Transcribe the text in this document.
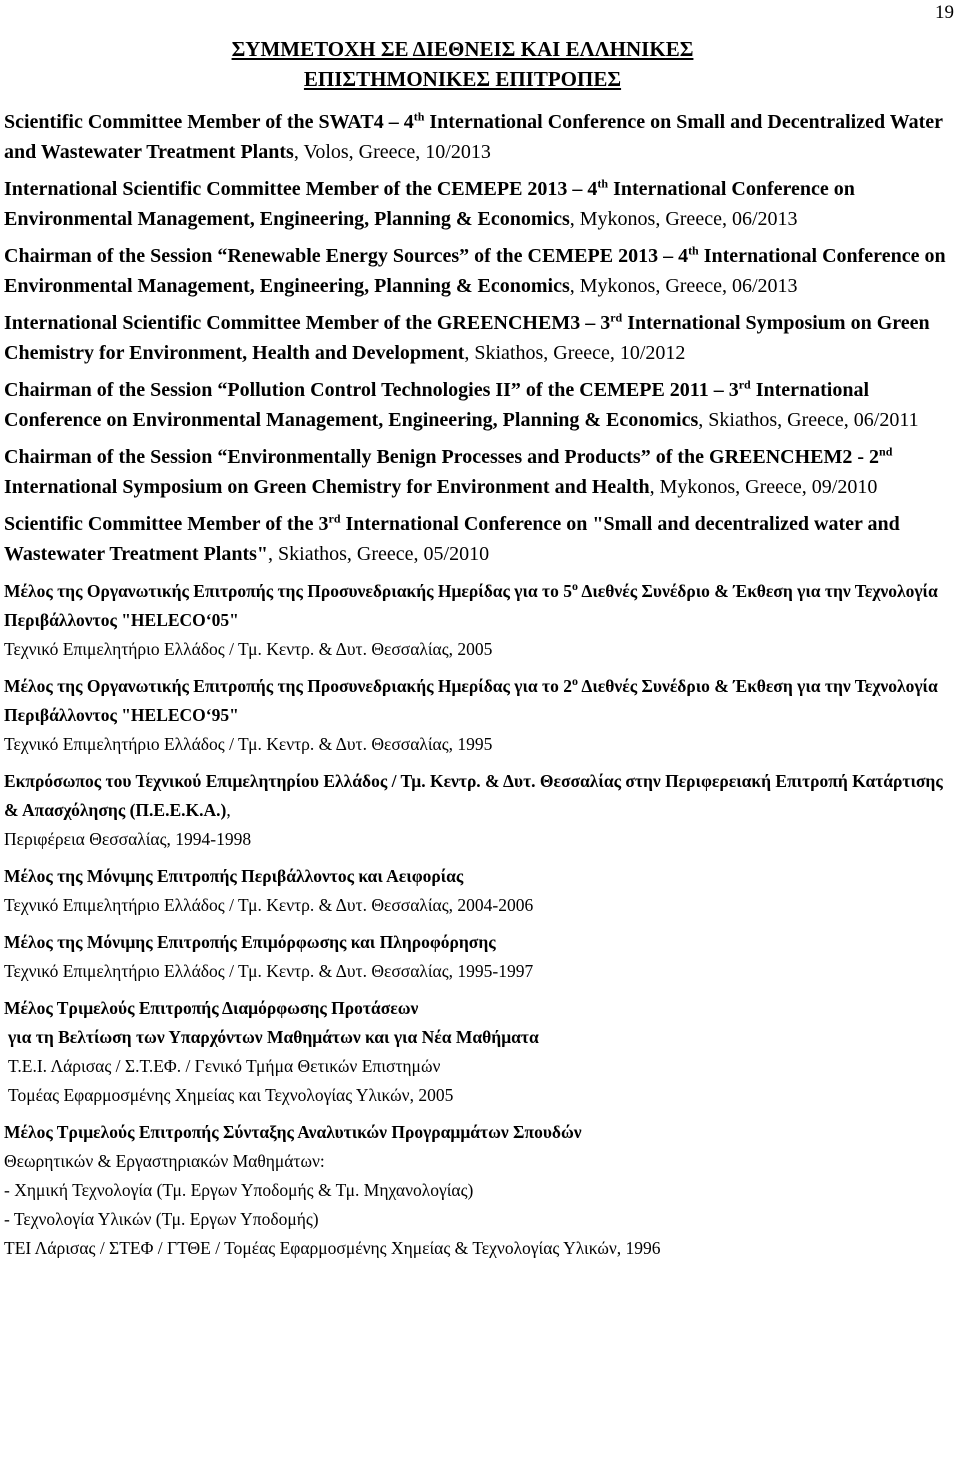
19
ΣΥΜΜΕΤΟΧΗ ΣΕ ΔΙΕΘΝΕΙΣ ΚΑΙ ΕΛΛΗΝΙΚΕΣ
ΕΠΙΣΤΗΜΟΝΙΚΕΣ ΕΠΙΤΡΟΠΕΣ

Scientific Committee Member of the SWAT4 – 4th International Conference on Small and Decentralized Water and Wastewater Treatment Plants, Volos, Greece, 10/2013

International Scientific Committee Member of the CEMEPE 2013 – 4th International Conference on Environmental Management, Engineering, Planning & Economics, Mykonos, Greece, 06/2013

Chairman of the Session “Renewable Energy Sources” of the CEMEPE 2013 – 4th International Conference on Environmental Management, Engineering, Planning & Economics, Mykonos, Greece, 06/2013

International Scientific Committee Member of the GREENCHEM3 – 3rd International Symposium on Green Chemistry for Environment, Health and Development, Skiathos, Greece, 10/2012

Chairman of the Session “Pollution Control Technologies II” of the CEMEPE 2011 – 3rd International Conference on Environmental Management, Engineering, Planning & Economics, Skiathos, Greece, 06/2011

Chairman of the Session “Environmentally Benign Processes and Products” of the GREENCHEM2 - 2nd International Symposium on Green Chemistry for Environment and Health, Mykonos, Greece, 09/2010

Scientific Committee Member of the 3rd International Conference on "Small and decentralized water and Wastewater Treatment Plants", Skiathos, Greece, 05/2010

Μέλος της Οργανωτικής Επιτροπής της Προσυνεδριακής Ημερίδας για το $5^o$ Διεθνές Συνέδριο & Έκθεση για την Τεχνολογία Περιβάλλοντος "HELECO‘05"

Τεχνικό Επιμελητήριο Ελλάδος / Τμ. Κεντρ. & Δυτ. Θεσσαλίας, 2005

Μέλος της Οργανωτικής Επιτροπής της Προσυνεδριακής Ημερίδας για το $2^o$ Διεθνές Συνέδριο & Έκθεση για την Τεχνολογία Περιβάλλοντος "HELECO‘95"

Τεχνικό Επιμελητήριο Ελλάδος / Τμ. Κεντρ. & Δυτ. Θεσσαλίας, 1995

Εκπρόσωπος του Τεχνικού Επιμελητηρίου Ελλάδος / Τμ. Κεντρ. & Δυτ. Θεσσαλίας στην Περιφερειακή Επιτροπή Κατάρτισης & Απασχόλησης (Π.Ε.Ε.Κ.Α.),

Περιφέρεια Θεσσαλίας, 1994-1998

Μέλος της Μόνιμης Επιτροπής Περιβάλλοντος και Αειφορίας

Τεχνικό Επιμελητήριο Ελλάδος / Τμ. Κεντρ. & Δυτ. Θεσσαλίας, 2004-2006

Μέλος της Μόνιμης Επιτροπής Επιμόρφωσης και Πληροφόρησης

Τεχνικό Επιμελητήριο Ελλάδος / Τμ. Κεντρ. & Δυτ. Θεσσαλίας, 1995-1997

Μέλος Τριμελούς Επιτροπής Διαμόρφωσης Προτάσεων

για τη Βελτίωση των Υπαρχόντων Μαθημάτων και για Νέα Μαθήματα

Τ.Ε.Ι. Λάρισας / Σ.Τ.ΕΦ. / Γενικό Τμήμα Θετικών Επιστημών

Τομέας Εφαρμοσμένης Χημείας και Τεχνολογίας Υλικών, 2005

Μέλος Τριμελούς Επιτροπής Σύνταξης Αναλυτικών Προγραμμάτων Σπουδών

Θεωρητικών & Εργαστηριακών Μαθημάτων:

- Χημική Τεχνολογία (Τμ. Εργων Υποδομής & Τμ. Μηχανολογίας)

- Τεχνολογία Υλικών (Τμ. Εργων Υποδομής)

ΤΕΙ Λάρισας / ΣΤΕΦ / ΓΤΘΕ / Τομέας Εφαρμοσμένης Χημείας & Τεχνολογίας Υλικών, 1996
